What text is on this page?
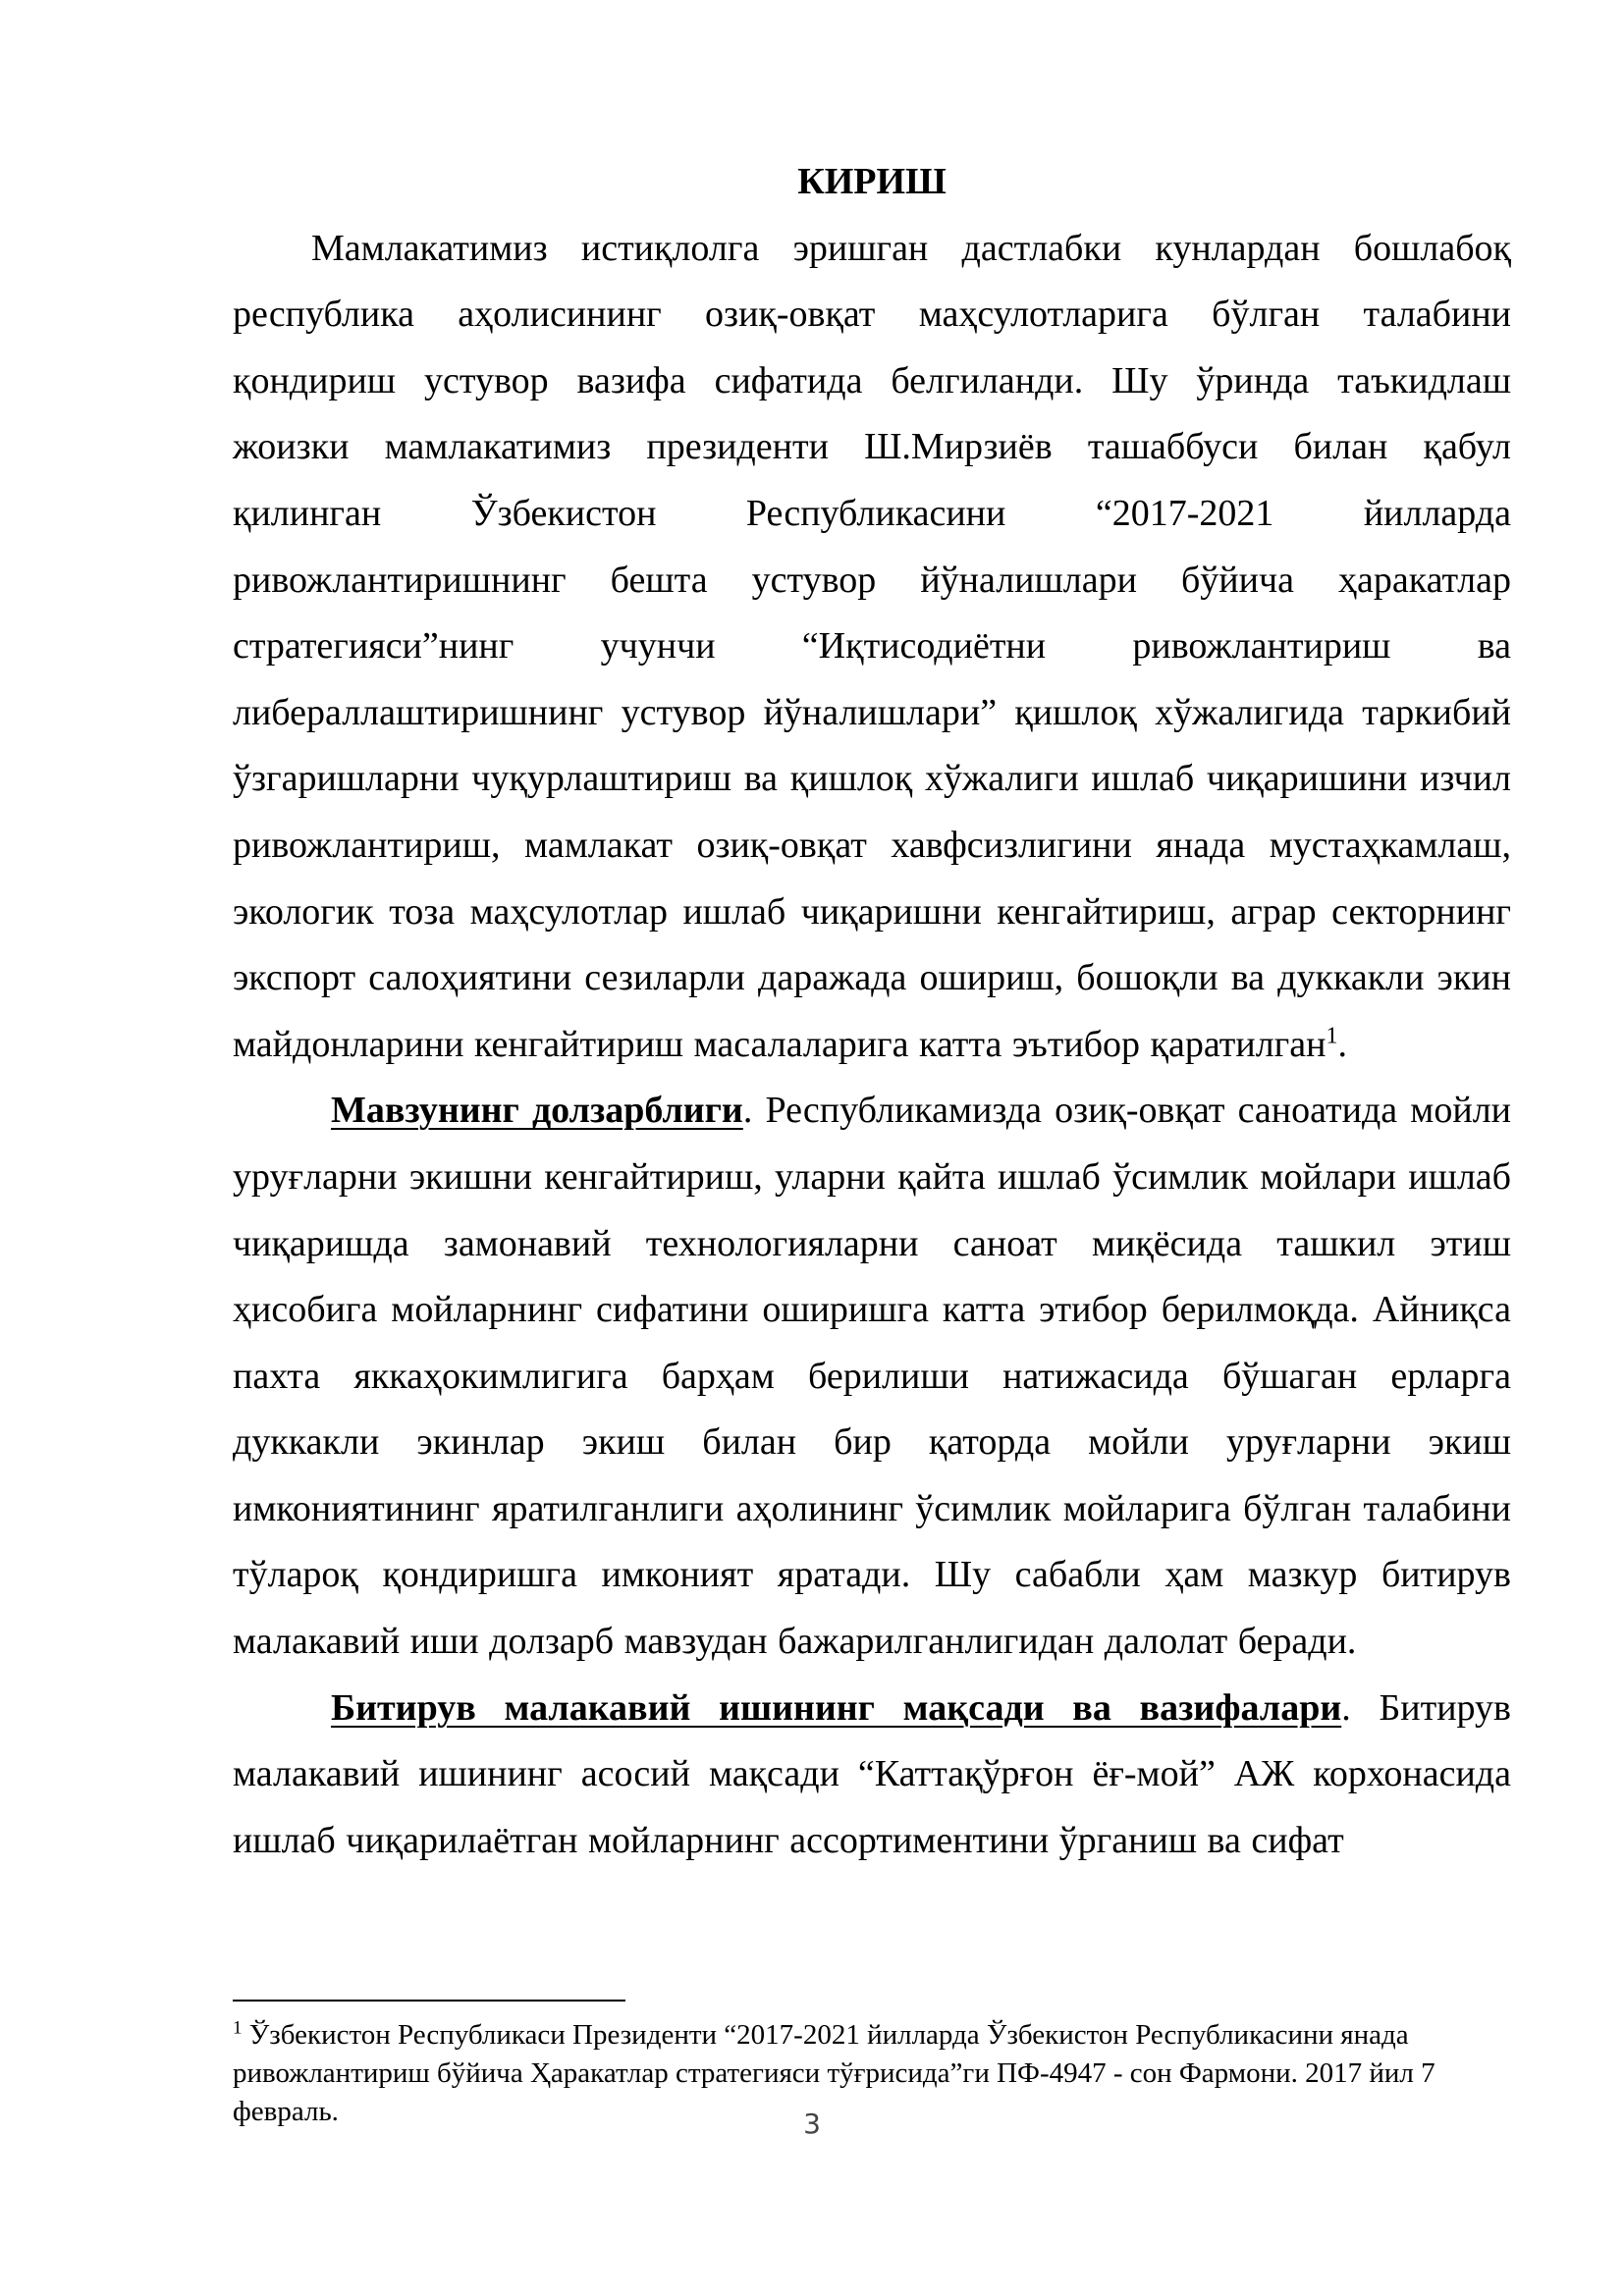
КИРИШ

Мамлакатимиз истиқлолга эришган дастлабки кунлардан бошлабоқ республика аҳолисининг озиқ-овқат маҳсулотларига бўлган талабини қондириш устувор вазифа сифатида белгиланди. Шу ўринда таъкидлаш жоизки мамлакатимиз президенти Ш.Мирзиёв ташаббуси билан қабул қилинган Ўзбекистон Республикасини “2017-2021 йилларда ривожлантиришнинг бешта устувор йўналишлари бўйича ҳаракатлар стратегияси”нинг учунчи “Иқтисодиётни ривожлантириш ва либераллаштиришнинг устувор йўналишлари” қишлоқ хўжалигида таркибий ўзгаришларни чуқурлаштириш ва қишлоқ хўжалиги ишлаб чиқаришини изчил ривожлантириш, мамлакат озиқ-овқат хавфсизлигини янада мустаҳкамлаш, экологик тоза маҳсулотлар ишлаб чиқаришни кенгайтириш, аграр секторнинг экспорт салоҳиятини сезиларли даражада ошириш, бошоқли ва дуккакли экин майдонларини кенгайтириш масалаларига катта эътибор қаратилган$^1$.

Мавзунинг долзарблиги. Республикамизда озиқ-овқат саноатида мойли уруғларни экишни кенгайтириш, уларни қайта ишлаб ўсимлик мойлари ишлаб чиқаришда замонавий технологияларни саноат миқёсида ташкил этиш ҳисобига мойларнинг сифатини оширишга катта этибор берилмоқда. Айниқса пахта яккаҳокимлигига барҳам берилиши натижасида бўшаган ерларга дуккакли экинлар экиш билан бир қаторда мойли уруғларни экиш имкониятининг яратилганлиги аҳолининг ўсимлик мойларига бўлган талабини тўлароқ қондиришга имконият яратади. Шу сабабли ҳам мазкур битирув малакавий иши долзарб мавзудан бажарилганлигидан далолат беради.

Битирув малакавий ишининг мақсади ва вазифалари. Битирув малакавий ишининг асосий мақсади “Каттақўрғон ёғ-мой” АЖ корхонасида ишлаб чиқарилаётган мойларнинг ассортиментини ўрганиш ва сифат

$^1$ Ўзбекистон Республикаси Президенти “2017-2021 йилларда Ўзбекистон Республикасини янада ривожлантириш бўйича Ҳаракатлар стратегияси тўғрисида”ги ПФ-4947 - сон Фармони. 2017 йил 7 февраль.	3
